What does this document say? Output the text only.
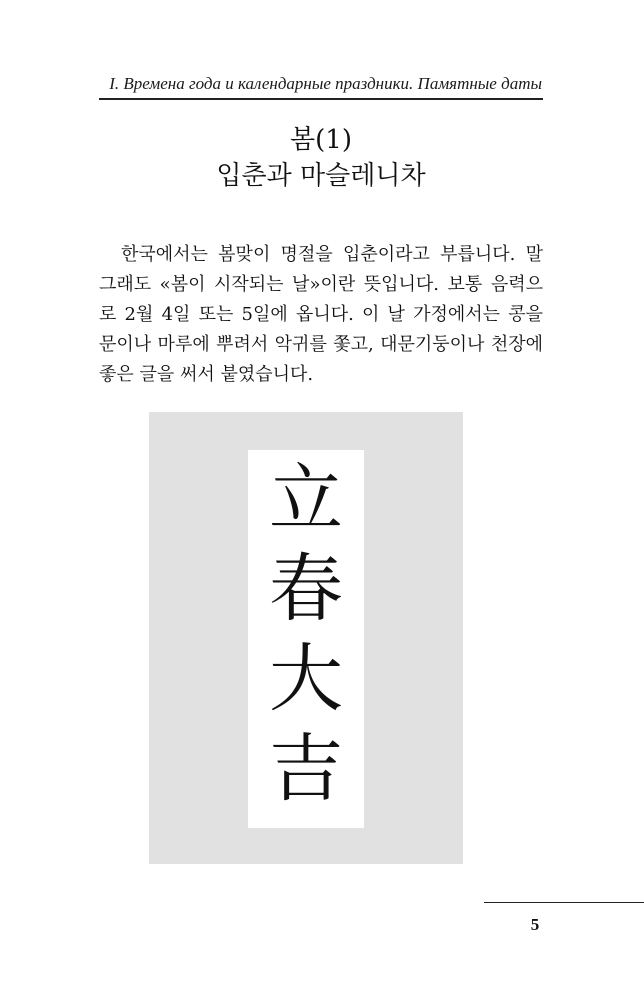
I. Времена года и календарные праздники. Памятные даты
봄(1)
입춘과 마슬레니차

한국에서는 봄맞이 명절을 입춘이라고 부릅니다. 말 그래도 «봄이 시작되는 날»이란 뜻입니다. 보통 음력으로 2월 4일 또는 5일에 옵니다. 이 날 가정에서는 콩을 문이나 마루에 뿌려서 악귀를 쫓고, 대문기둥이나 천장에 좋은 글을 써서 붙였습니다.

立
春
大
吉
5
